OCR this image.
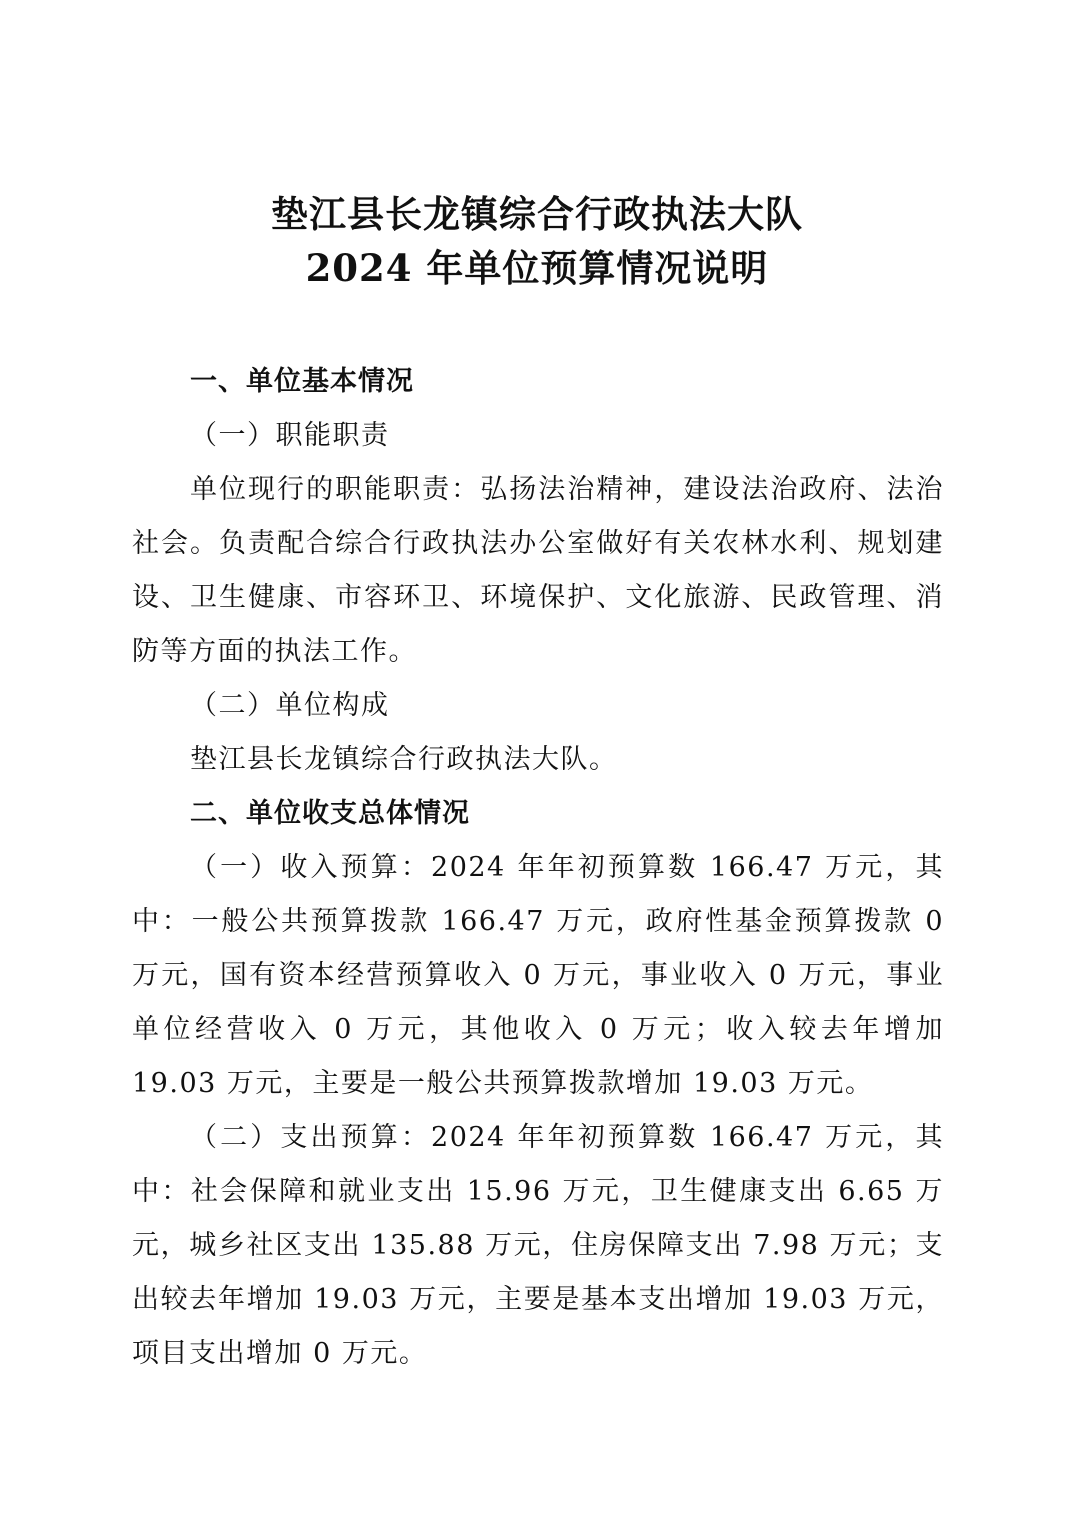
垫江县长龙镇综合行政执法大队
2024 年单位预算情况说明

一、单位基本情况

（一）职能职责

单位现行的职能职责：弘扬法治精神，建设法治政府、法治社会。负责配合综合行政执法办公室做好有关农林水利、规划建设、卫生健康、市容环卫、环境保护、文化旅游、民政管理、消防等方面的执法工作。

（二）单位构成

垫江县长龙镇综合行政执法大队。

二、单位收支总体情况

（一）收入预算：2024 年年初预算数 166.47 万元，其中：一般公共预算拨款 166.47 万元，政府性基金预算拨款 0 万元，国有资本经营预算收入 0 万元，事业收入 0 万元，事业单位经营收入 0 万元，其他收入 0 万元；收入较去年增加 19.03 万元，主要是一般公共预算拨款增加 19.03 万元。

（二）支出预算：2024 年年初预算数 166.47 万元，其中：社会保障和就业支出 15.96 万元，卫生健康支出 6.65 万元，城乡社区支出 135.88 万元，住房保障支出 7.98 万元；支出较去年增加 19.03 万元，主要是基本支出增加 19.03 万元，项目支出增加 0 万元。
